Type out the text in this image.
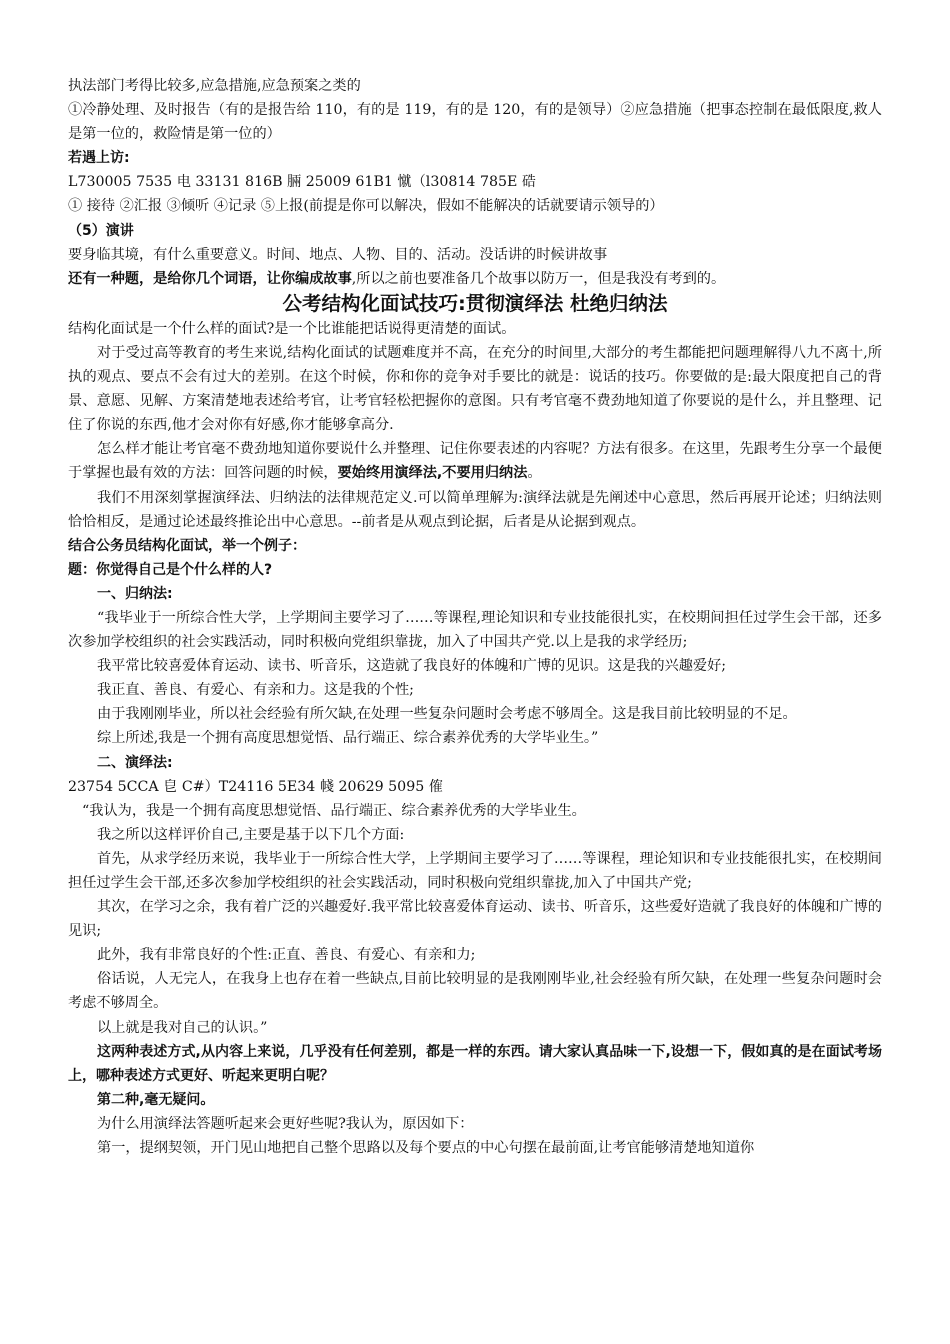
执法部门考得比较多,应急措施,应急预案之类的

①冷静处理、及时报告（有的是报告给 110，有的是 119，有的是 120，有的是领导）②应急措施（把事态控制在最低限度,救人是第一位的，救险情是第一位的）

若遇上访:

L730005 7535 电 33131 816B 脼 25009 61B1 憱（l30814 785E 硞

① 接待 ②汇报 ③倾听 ④记录 ⑤上报(前提是你可以解决，假如不能解决的话就要请示领导的）

（5）演讲

要身临其境，有什么重要意义。时间、地点、人物、目的、活动。没话讲的时候讲故事

还有一种题，是给你几个词语，让你编成故事,所以之前也要准备几个故事以防万一，但是我没有考到的。

公考结构化面试技巧:贯彻演绎法 杜绝归纳法

结构化面试是一个什么样的面试?是一个比谁能把话说得更清楚的面试。

对于受过高等教育的考生来说,结构化面试的试题难度并不高，在充分的时间里,大部分的考生都能把问题理解得八九不离十,所执的观点、要点不会有过大的差别。在这个时候，你和你的竞争对手要比的就是：说话的技巧。你要做的是:最大限度把自己的背景、意愿、见解、方案清楚地表述给考官，让考官轻松把握你的意图。只有考官毫不费劲地知道了你要说的是什么，并且整理、记住了你说的东西,他才会对你有好感,你才能够拿高分.

怎么样才能让考官毫不费劲地知道你要说什么并整理、记住你要表述的内容呢？方法有很多。在这里，先跟考生分享一个最便于掌握也最有效的方法：回答问题的时候，要始终用演绎法,不要用归纳法。

我们不用深刻掌握演绎法、归纳法的法律规范定义.可以简单理解为:演绎法就是先阐述中心意思，然后再展开论述；归纳法则恰恰相反，是通过论述最终推论出中心意思。--前者是从观点到论据，后者是从论据到观点。

结合公务员结构化面试，举一个例子：

题：你觉得自己是个什么样的人?

一、归纳法:

“我毕业于一所综合性大学，上学期间主要学习了……等课程,理论知识和专业技能很扎实，在校期间担任过学生会干部，还多次参加学校组织的社会实践活动，同时积极向党组织靠拢，加入了中国共产党.以上是我的求学经历;

我平常比较喜爱体育运动、读书、听音乐，这造就了我良好的体魄和广博的见识。这是我的兴趣爱好;

我正直、善良、有爱心、有亲和力。这是我的个性;

由于我刚刚毕业，所以社会经验有所欠缺,在处理一些复杂问题时会考虑不够周全。这是我目前比较明显的不足。

综上所述,我是一个拥有高度思想觉悟、品行端正、综合素养优秀的大学毕业生。”

二、演绎法:

23754 5CCA 皀 C#）T24116 5E34 帴 20629 5095 傕

“我认为，我是一个拥有高度思想觉悟、品行端正、综合素养优秀的大学毕业生。

我之所以这样评价自己,主要是基于以下几个方面:

首先，从求学经历来说，我毕业于一所综合性大学，上学期间主要学习了……等课程，理论知识和专业技能很扎实，在校期间担任过学生会干部,还多次参加学校组织的社会实践活动，同时积极向党组织靠拢,加入了中国共产党;

其次，在学习之余，我有着广泛的兴趣爱好.我平常比较喜爱体育运动、读书、听音乐，这些爱好造就了我良好的体魄和广博的见识;

此外，我有非常良好的个性:正直、善良、有爱心、有亲和力;

俗话说，人无完人，在我身上也存在着一些缺点,目前比较明显的是我刚刚毕业,社会经验有所欠缺，在处理一些复杂问题时会考虑不够周全。

以上就是我对自己的认识。”

这两种表述方式,从内容上来说，几乎没有任何差别，都是一样的东西。请大家认真品味一下,设想一下，假如真的是在面试考场上，哪种表述方式更好、听起来更明白呢？

第二种,毫无疑问。

为什么用演绎法答题听起来会更好些呢?我认为，原因如下：

第一，提纲契领，开门见山地把自己整个思路以及每个要点的中心句摆在最前面,让考官能够清楚地知道你
